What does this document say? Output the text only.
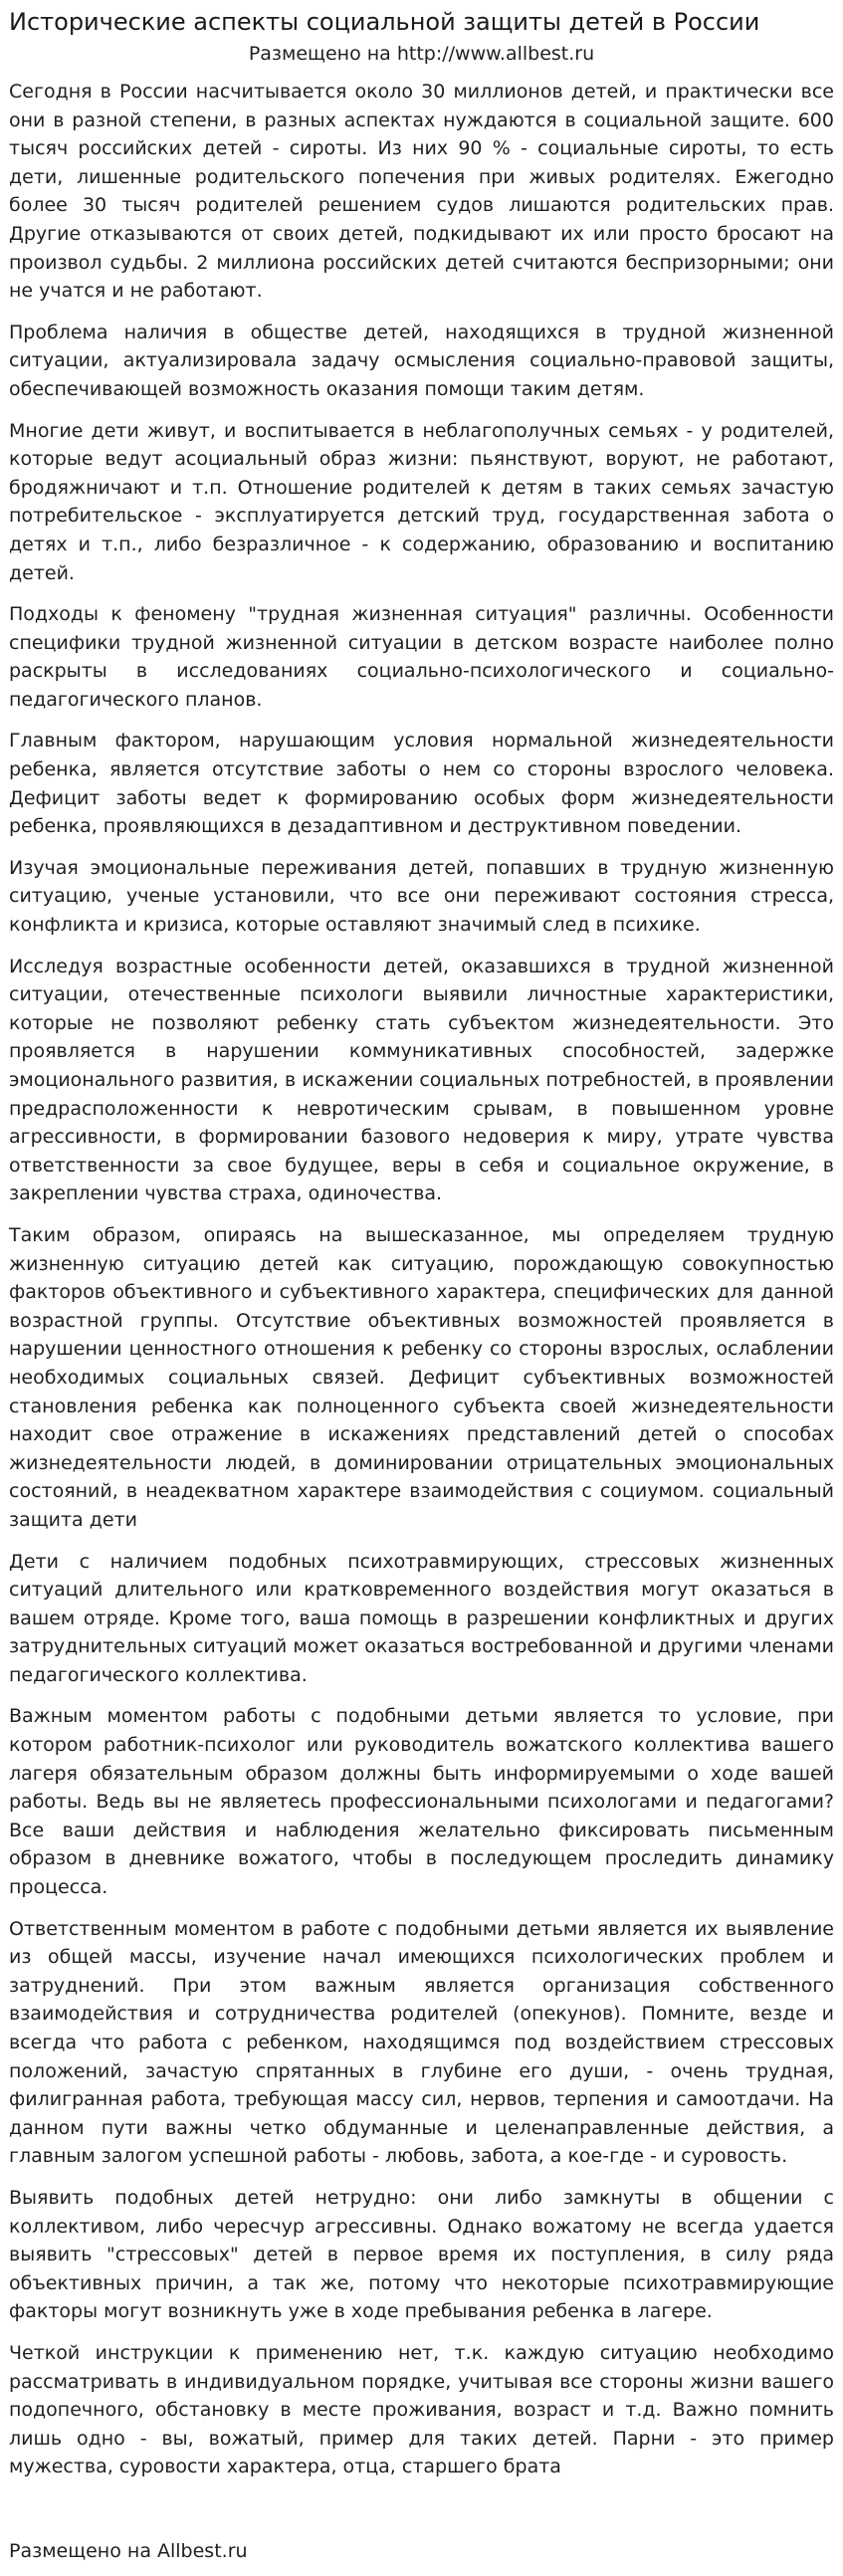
Исторические аспекты социальной защиты детей в России
Размещено на http://www.allbest.ru

Сегодня в России насчитывается около 30 миллионов детей, и практически все они в разной степени, в разных аспектах нуждаются в социальной защите. 600 тысяч российских детей - сироты. Из них 90 % - социальные сироты, то есть дети, лишенные родительского попечения при живых родителях. Ежегодно более 30 тысяч родителей решением судов лишаются родительских прав. Другие отказываются от своих детей, подкидывают их или просто бросают на произвол судьбы. 2 миллиона российских детей считаются беспризорными; они не учатся и не работают.

Проблема наличия в обществе детей, находящихся в трудной жизненной ситуации, актуализировала задачу осмысления социально-правовой защиты, обеспечивающей возможность оказания помощи таким детям.

Многие дети живут, и воспитывается в неблагополучных семьях - у родителей, которые ведут асоциальный образ жизни: пьянствуют, воруют, не работают, бродяжничают и т.п. Отношение родителей к детям в таких семьях зачастую потребительское - эксплуатируется детский труд, государственная забота о детях и т.п., либо безразличное - к содержанию, образованию и воспитанию детей.

Подходы к феномену "трудная жизненная ситуация" различны. Особенности специфики трудной жизненной ситуации в детском возрасте наиболее полно раскрыты в исследованиях социально-психологического и социально-педагогического планов.

Главным фактором, нарушающим условия нормальной жизнедеятельности ребенка, является отсутствие заботы о нем со стороны взрослого человека. Дефицит заботы ведет к формированию особых форм жизнедеятельности ребенка, проявляющихся в дезадаптивном и деструктивном поведении.

Изучая эмоциональные переживания детей, попавших в трудную жизненную ситуацию, ученые установили, что все они переживают состояния стресса, конфликта и кризиса, которые оставляют значимый след в психике.

Исследуя возрастные особенности детей, оказавшихся в трудной жизненной ситуации, отечественные психологи выявили личностные характеристики, которые не позволяют ребенку стать субъектом жизнедеятельности. Это проявляется в нарушении коммуникативных способностей, задержке эмоционального развития, в искажении социальных потребностей, в проявлении предрасположенности к невротическим срывам, в повышенном уровне агрессивности, в формировании базового недоверия к миру, утрате чувства ответственности за свое будущее, веры в себя и социальное окружение, в закреплении чувства страха, одиночества.

Таким образом, опираясь на вышесказанное, мы определяем трудную жизненную ситуацию детей как ситуацию, порождающую совокупностью факторов объективного и субъективного характера, специфических для данной возрастной группы. Отсутствие объективных возможностей проявляется в нарушении ценностного отношения к ребенку со стороны взрослых, ослаблении необходимых социальных связей. Дефицит субъективных возможностей становления ребенка как полноценного субъекта своей жизнедеятельности находит свое отражение в искажениях представлений детей о способах жизнедеятельности людей, в доминировании отрицательных эмоциональных состояний, в неадекватном характере взаимодействия с социумом. социальный защита дети

Дети с наличием подобных психотравмирующих, стрессовых жизненных ситуаций длительного или кратковременного воздействия могут оказаться в вашем отряде. Кроме того, ваша помощь в разрешении конфликтных и других затруднительных ситуаций может оказаться востребованной и другими членами педагогического коллектива.

Важным моментом работы с подобными детьми является то условие, при котором работник-психолог или руководитель вожатского коллектива вашего лагеря обязательным образом должны быть информируемыми о ходе вашей работы. Ведь вы не являетесь профессиональными психологами и педагогами? Все ваши действия и наблюдения желательно фиксировать письменным образом в дневнике вожатого, чтобы в последующем проследить динамику процесса.

Ответственным моментом в работе с подобными детьми является их выявление из общей массы, изучение начал имеющихся психологических проблем и затруднений. При этом важным является организация собственного взаимодействия и сотрудничества родителей (опекунов). Помните, везде и всегда что работа с ребенком, находящимся под воздействием стрессовых положений, зачастую спрятанных в глубине его души, - очень трудная, филигранная работа, требующая массу сил, нервов, терпения и самоотдачи. На данном пути важны четко обдуманные и целенаправленные действия, а главным залогом успешной работы - любовь, забота, а кое-где - и суровость.

Выявить подобных детей нетрудно: они либо замкнуты в общении с коллективом, либо чересчур агрессивны. Однако вожатому не всегда удается выявить "стрессовых" детей в первое время их поступления, в силу ряда объективных причин, а так же, потому что некоторые психотравмирующие факторы могут возникнуть уже в ходе пребывания ребенка в лагере.

Четкой инструкции к применению нет, т.к. каждую ситуацию необходимо рассматривать в индивидуальном порядке, учитывая все стороны жизни вашего подопечного, обстановку в месте проживания, возраст и т.д. Важно помнить лишь одно - вы, вожатый, пример для таких детей. Парни - это пример мужества, суровости характера, отца, старшего брата

Размещено на Allbest.ru
